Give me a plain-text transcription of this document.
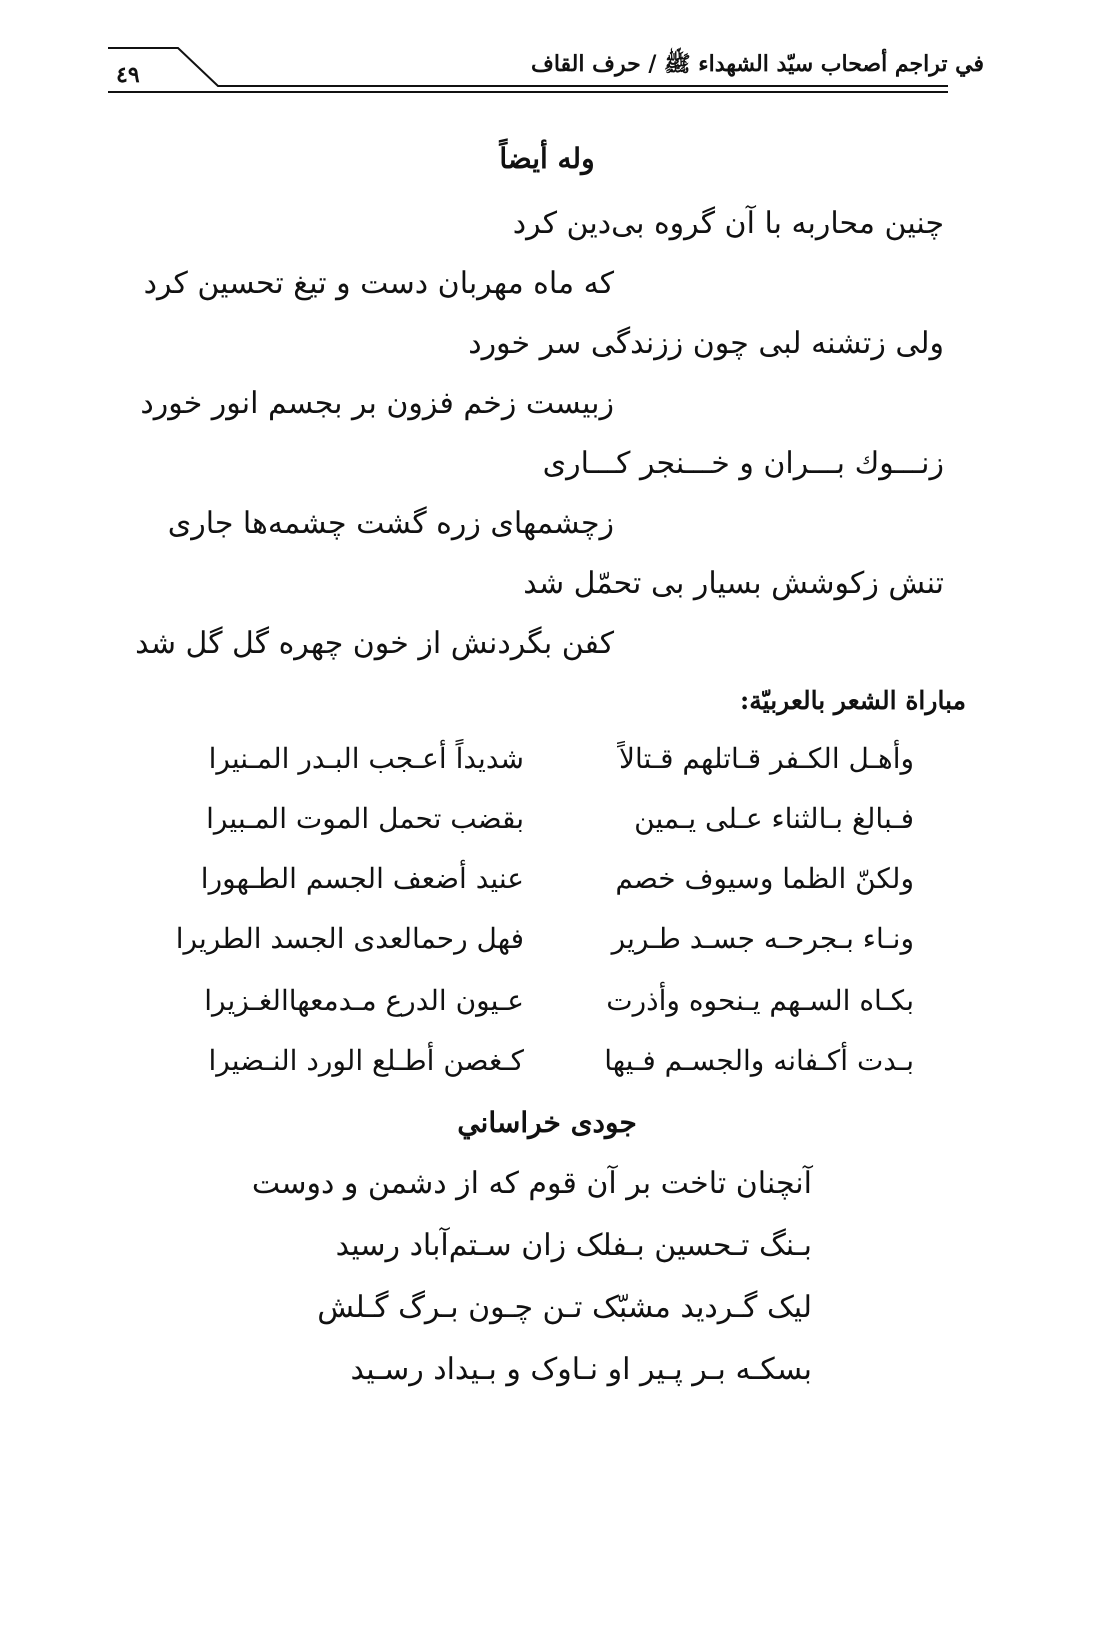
في تراجم أصحاب سيّد الشهداء ﷺ / حرف القاف
٤٩
وله أيضاً
چنين محاربه با آن گروه بی‌دين كرد
كه ماه مهربان دست و تيغ تحسين كرد
ولی زتشنه لبی چون ززندگی سر خورد
زبيست زخم فزون بر بجسم انور خورد
زنـــوك بـــران و خـــنجر كـــاری
زچشمهای زره گشت چشمه‌ها جاری
تنش زكوشش بسيار بی تحمّل شد
كفن بگردنش از خون چهره گل گل شد
مباراة الشعر بالعربيّة:
وأهـل الكـفر قـاتلهم قـتالاً
شديداً أعـجب البـدر المـنيرا
فـبالغ بـالثناء عـلى يـمين
بقضب تحمل الموت المـبيرا
ولكنّ الظما وسيوف خصم
عنيد أضعف الجسم الطـهورا
ونـاء بـجرحـه جسـد طـرير
فهل رحمالعدى الجسد الطريرا
بكـاه السـهم يـنحوه وأذرت
عـيون الدرع مـدمعهاالغـزيرا
بـدت أكـفانه والجسـم فـيها
كـغصن أطـلع الورد النـضيرا
جودی خراساني
آنچنان تاخت بر آن قوم كه از دشمن و دوست
بـنگ تـحسين بـفلک زان سـتم‌آباد رسيد
ليک گـرديد مشبّک تـن چـون بـرگ گـلش
بسكـه بـر پـير او نـاوک و بـيداد رسـيد
